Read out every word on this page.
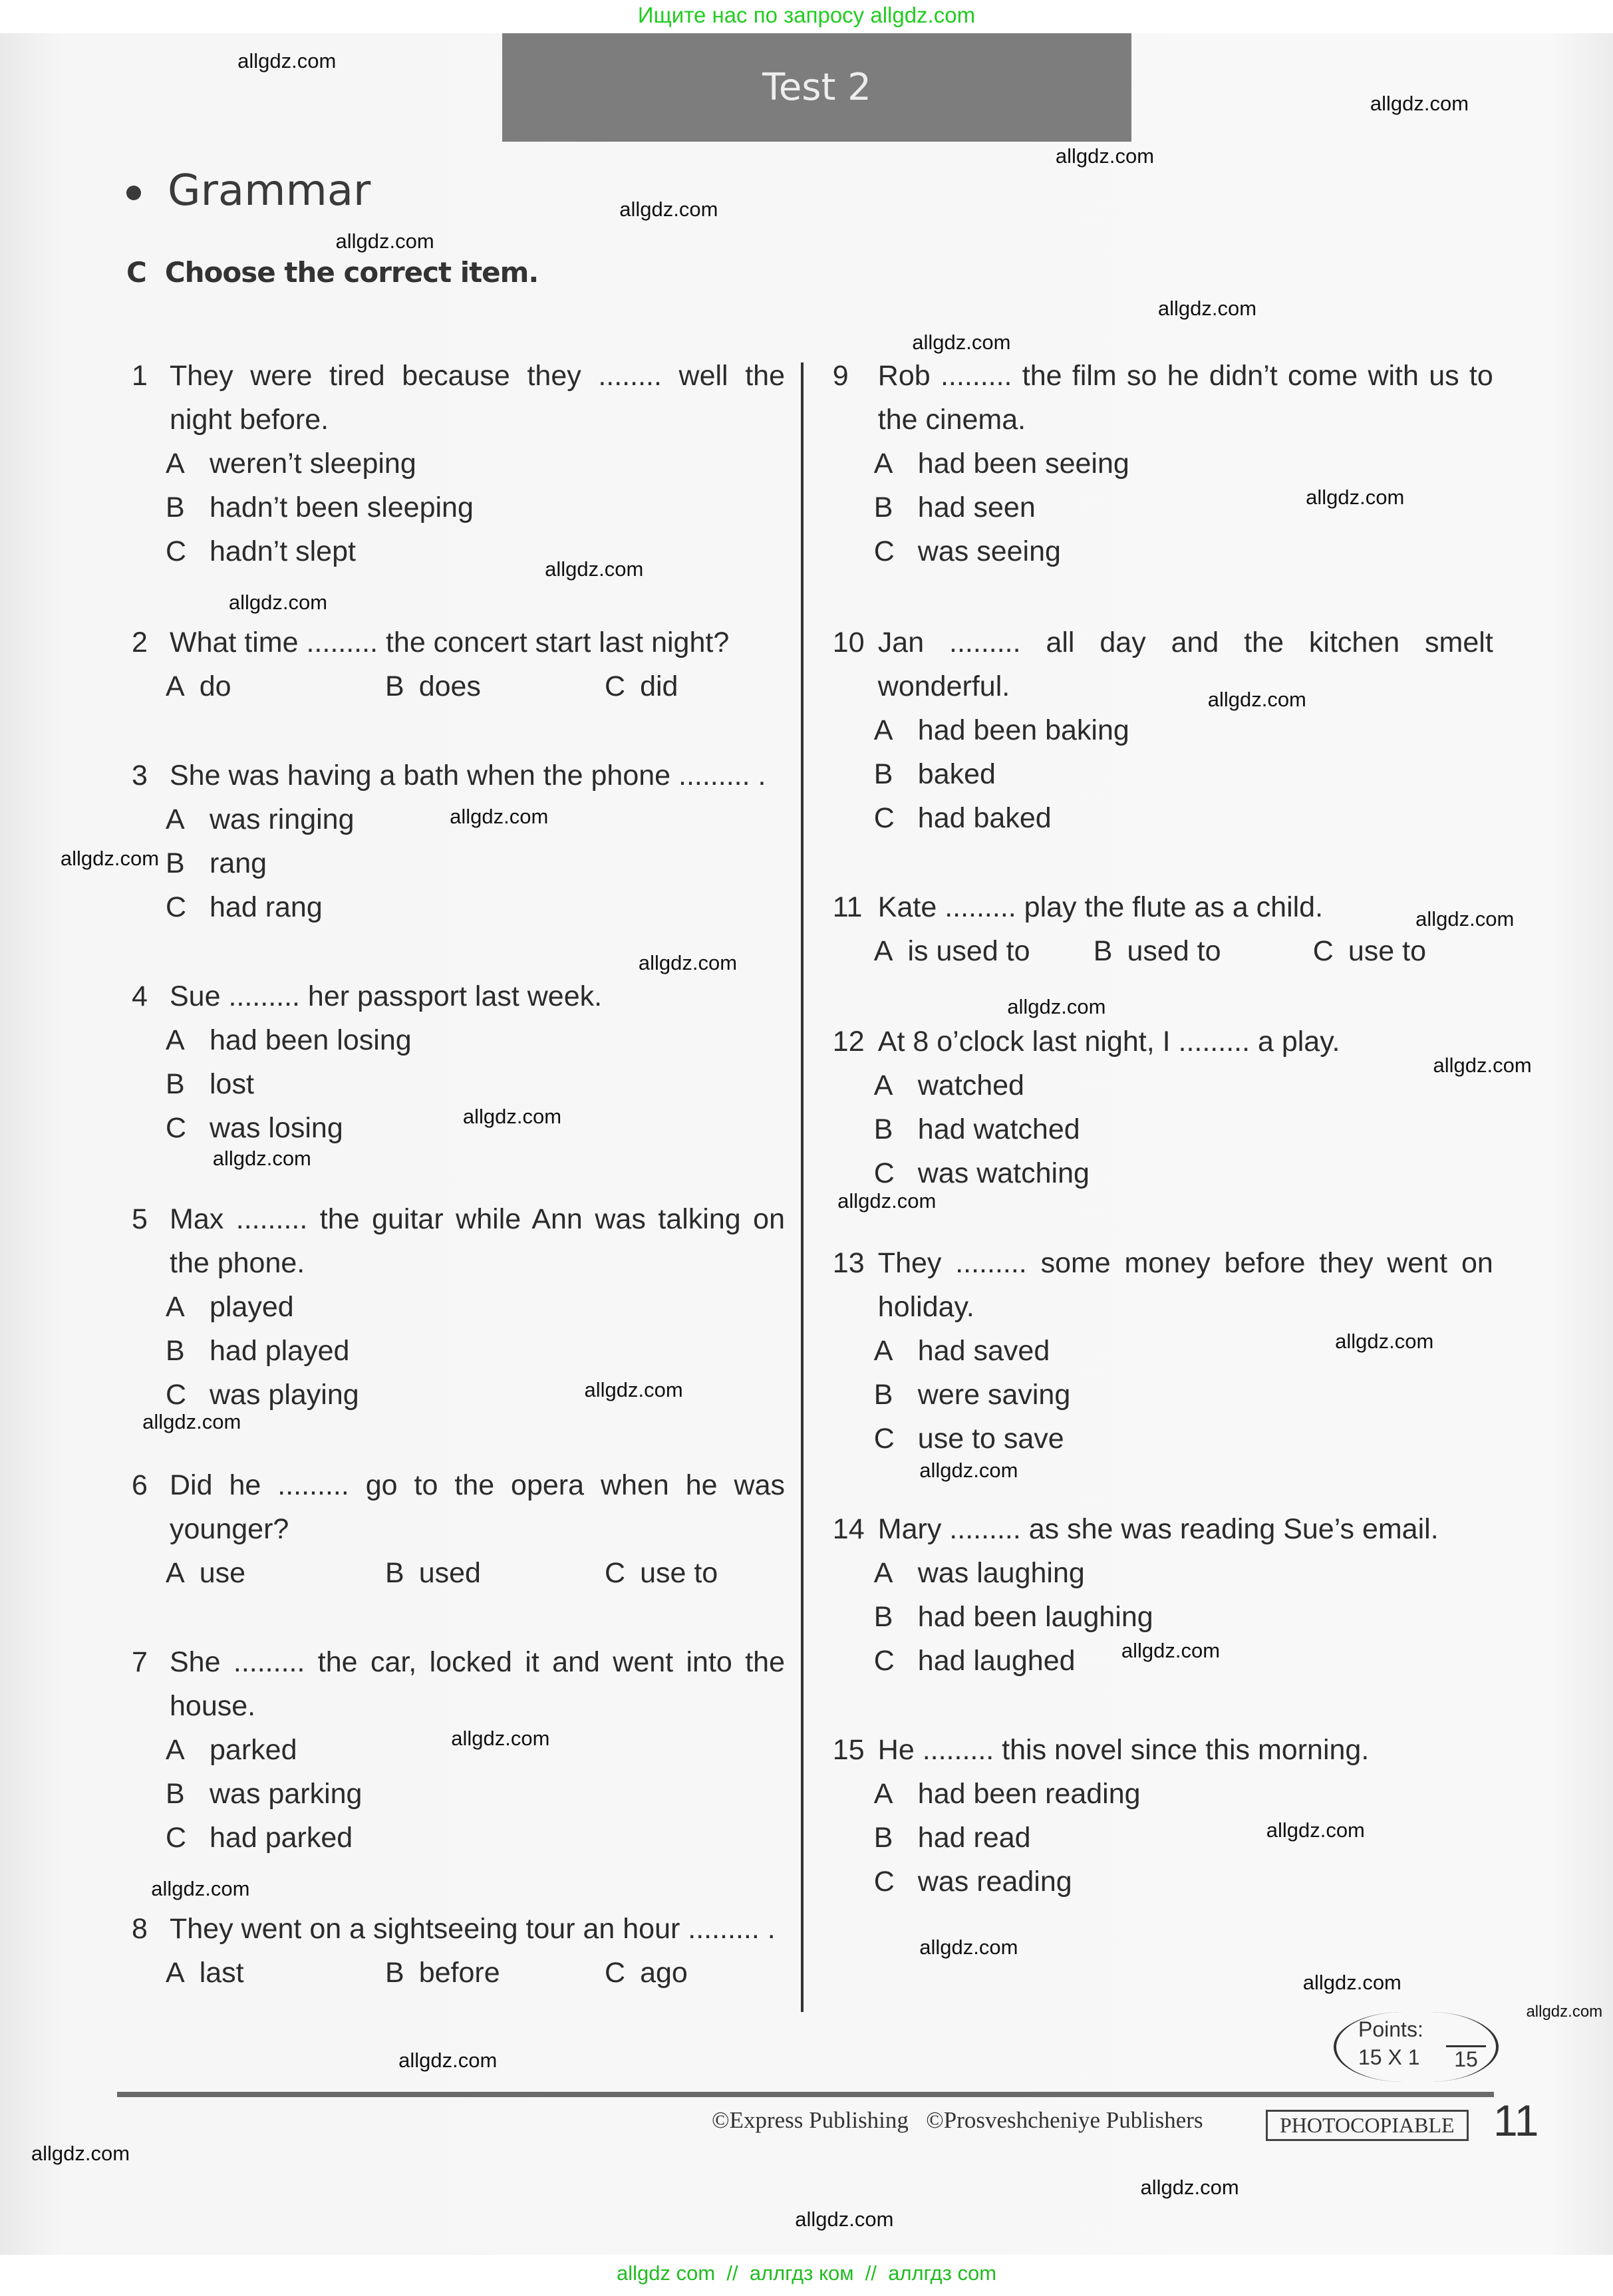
Ищите нас по запросу allgdz.com
Test 2
Grammar
C Choose the correct item.
1 They were tired because they ........ well the
night before.
A weren’t sleeping
B hadn’t been sleeping
C hadn’t slept
2 What time ......... the concert start last night?
A do	B does	C did
3 She was having a bath when the phone ......... .
A was ringing
B rang
C had rang
4 Sue ......... her passport last week.
A had been losing
B lost
C was losing
5 Max ......... the guitar while Ann was talking on
the phone.
A played
B had played
C was playing
6 Did he ......... go to the opera when he was
younger?
A use	B used	C use to
7 She ......... the car, locked it and went into the
house.
A parked
B was parking
C had parked
8 They went on a sightseeing tour an hour ......... .
A last	B before	C ago
9 Rob ......... the film so he didn’t come with us to
the cinema.
A had been seeing
B had seen
C was seeing
10 Jan ......... all day and the kitchen smelt
wonderful.
A had been baking
B baked
C had baked
11 Kate ......... play the flute as a child.
A is used to B used to	C use to
12 At 8 o’clock last night, I ......... a play.
A watched
B had watched
C was watching
13 They ......... some money before they went on
holiday.
A had saved
B were saving
C use to save
14 Mary ......... as she was reading Sue’s email.
A was laughing
B had been laughing
C had laughed
15 He ......... this novel since this morning.
A had been reading
B had read
C was reading
Points:
15 X 1	15
©Express Publishing   ©Prosveshcheniye Publishers	PHOTOCOPIABLE 11
allgdz.com
allgdz.com
allgdz.com
allgdz.com
allgdz.com
allgdz.com
allgdz.com
allgdz.com
allgdz.com
allgdz.com
allgdz.com
allgdz.com
allgdz.com
allgdz.com
allgdz.com
allgdz.com
allgdz.com
allgdz.com
allgdz.com
allgdz.com
allgdz.com
allgdz.com
allgdz.com
allgdz.com
allgdz.com
allgdz.com
allgdz.com
allgdz.com
allgdz.com
allgdz.com
allgdz.com
allgdz.com
allgdz.com
allgdz.com
allgdz.com
allgdz com  //  аллгдз ком  //  аллгдз com
